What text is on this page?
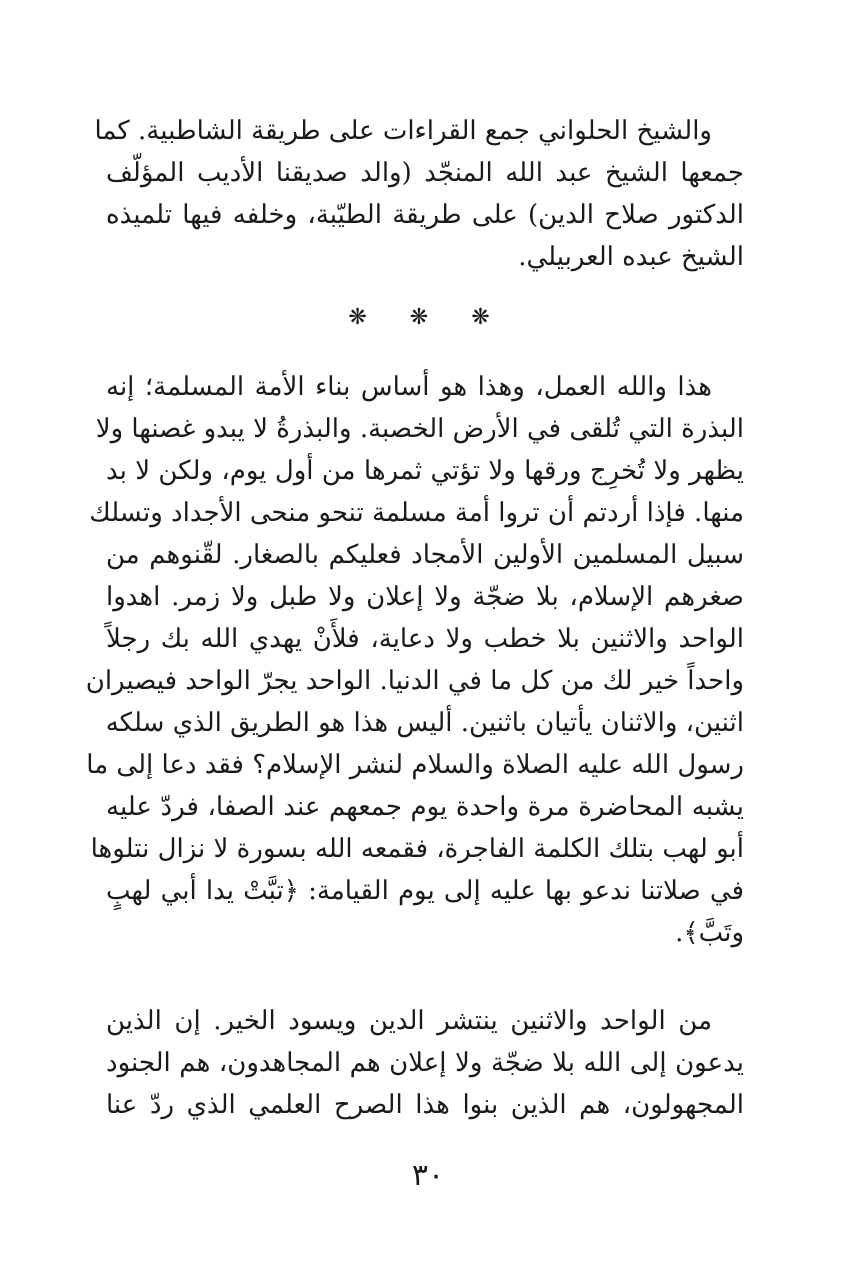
والشيخ الحلواني جمع القراءات على طريقة الشاطبية. كما
جمعها الشيخ عبد الله المنجّد (والد صديقنا الأديب المؤلّف
الدكتور صلاح الدين) على طريقة الطيّبة، وخلفه فيها تلميذه
الشيخ عبده العربيلي.
❋ ❋ ❋
هذا والله العمل، وهذا هو أساس بناء الأمة المسلمة؛ إنه
البذرة التي تُلقى في الأرض الخصبة. والبذرةُ لا يبدو غصنها ولا
يظهر ولا تُخرِج ورقها ولا تؤتي ثمرها من أول يوم، ولكن لا بد
منها. فإذا أردتم أن تروا أمة مسلمة تنحو منحى الأجداد وتسلك
سبيل المسلمين الأولين الأمجاد فعليكم بالصغار. لقّنوهم من
صغرهم الإسلام، بلا ضجّة ولا إعلان ولا طبل ولا زمر. اهدوا
الواحد والاثنين بلا خطب ولا دعاية، فلأَنْ يهدي الله بك رجلاً
واحداً خير لك من كل ما في الدنيا. الواحد يجرّ الواحد فيصيران
اثنين، والاثنان يأتيان باثنين. أليس هذا هو الطريق الذي سلكه
رسول الله عليه الصلاة والسلام لنشر الإسلام؟ فقد دعا إلى ما
يشبه المحاضرة مرة واحدة يوم جمعهم عند الصفا، فردّ عليه
أبو لهب بتلك الكلمة الفاجرة، فقمعه الله بسورة لا نزال نتلوها
في صلاتنا ندعو بها عليه إلى يوم القيامة: ﴿تبَّتْ يدا أبي لهبٍ
وتَبَّ﴾.
من الواحد والاثنين ينتشر الدين ويسود الخير. إن الذين
يدعون إلى الله بلا ضجّة ولا إعلان هم المجاهدون، هم الجنود
المجهولون، هم الذين بنوا هذا الصرح العلمي الذي ردّ عنا
٣٠
